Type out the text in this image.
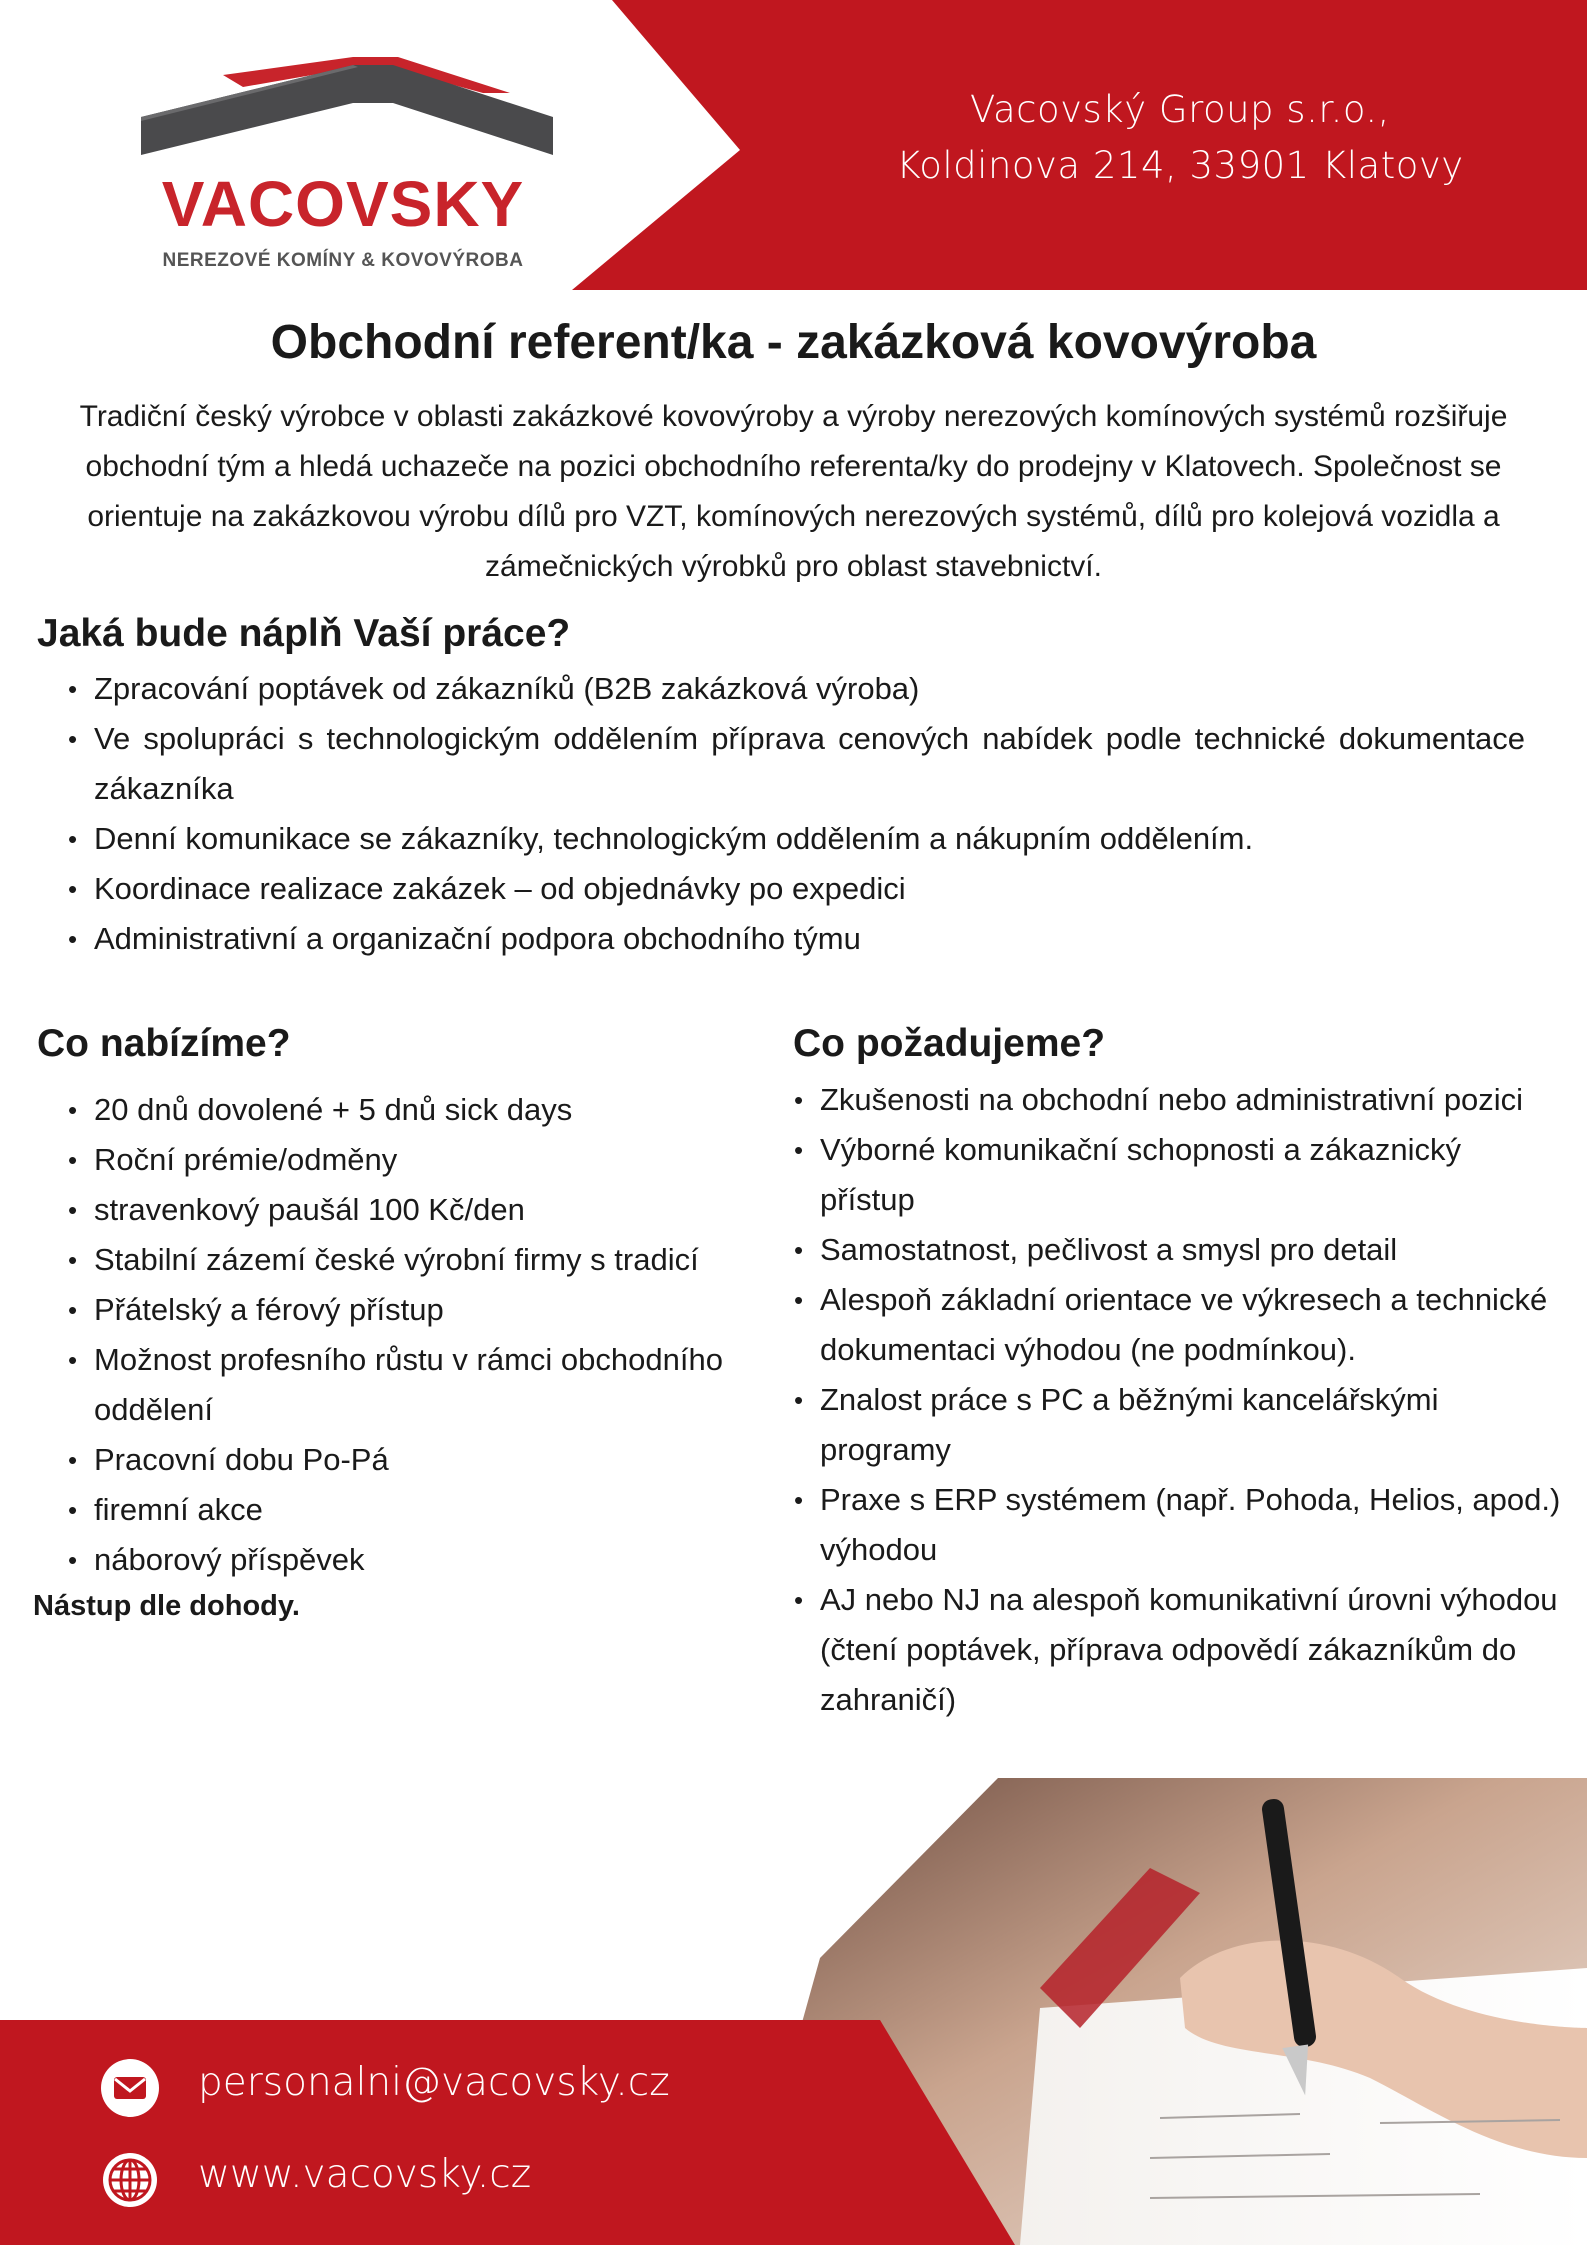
VACOVSKY
NEREZOVÉ KOMÍNY & KOVOVÝROBA
Vacovský Group s.r.o.,
Koldinova 214, 33901 Klatovy
Obchodní referent/ka - zakázková kovovýroba
Tradiční český výrobce v oblasti zakázkové kovovýroby a výroby nerezových komínových systémů rozšiřuje obchodní tým a hledá uchazeče na pozici obchodního referenta/ky do prodejny v Klatovech. Společnost se orientuje na zakázkovou výrobu dílů pro VZT, komínových nerezových systémů, dílů pro kolejová vozidla a zámečnických výrobků pro oblast stavebnictví.
Jaká bude náplň Vaší práce?
• Zpracování poptávek od zákazníků (B2B zakázková výroba)
• Ve spolupráci s technologickým oddělením příprava cenových nabídek podle technické dokumentace zákazníka
• Denní komunikace se zákazníky, technologickým oddělením a nákupním oddělením.
• Koordinace realizace zakázek – od objednávky po expedici
• Administrativní a organizační podpora obchodního týmu
Co nabízíme?
• 20 dnů dovolené + 5 dnů sick days
• Roční prémie/odměny
• stravenkový paušál 100 Kč/den
• Stabilní zázemí české výrobní firmy s tradicí
• Přátelský a férový přístup
• Možnost profesního růstu v rámci obchodního oddělení
• Pracovní dobu Po-Pá
• firemní akce
• náborový příspěvek
Nástup dle dohody.
Co požadujeme?
• Zkušenosti na obchodní nebo administrativní pozici
• Výborné komunikační schopnosti a zákaznický přístup
• Samostatnost, pečlivost a smysl pro detail
• Alespoň základní orientace ve výkresech a technické dokumentaci výhodou (ne podmínkou).
• Znalost práce s PC a běžnými kancelářskými programy
• Praxe s ERP systémem (např. Pohoda, Helios, apod.) výhodou
• AJ nebo NJ na alespoň komunikativní úrovni výhodou (čtení poptávek, příprava odpovědí zákazníkům do zahraničí)
personalni@vacovsky.cz
www.vacovsky.cz
